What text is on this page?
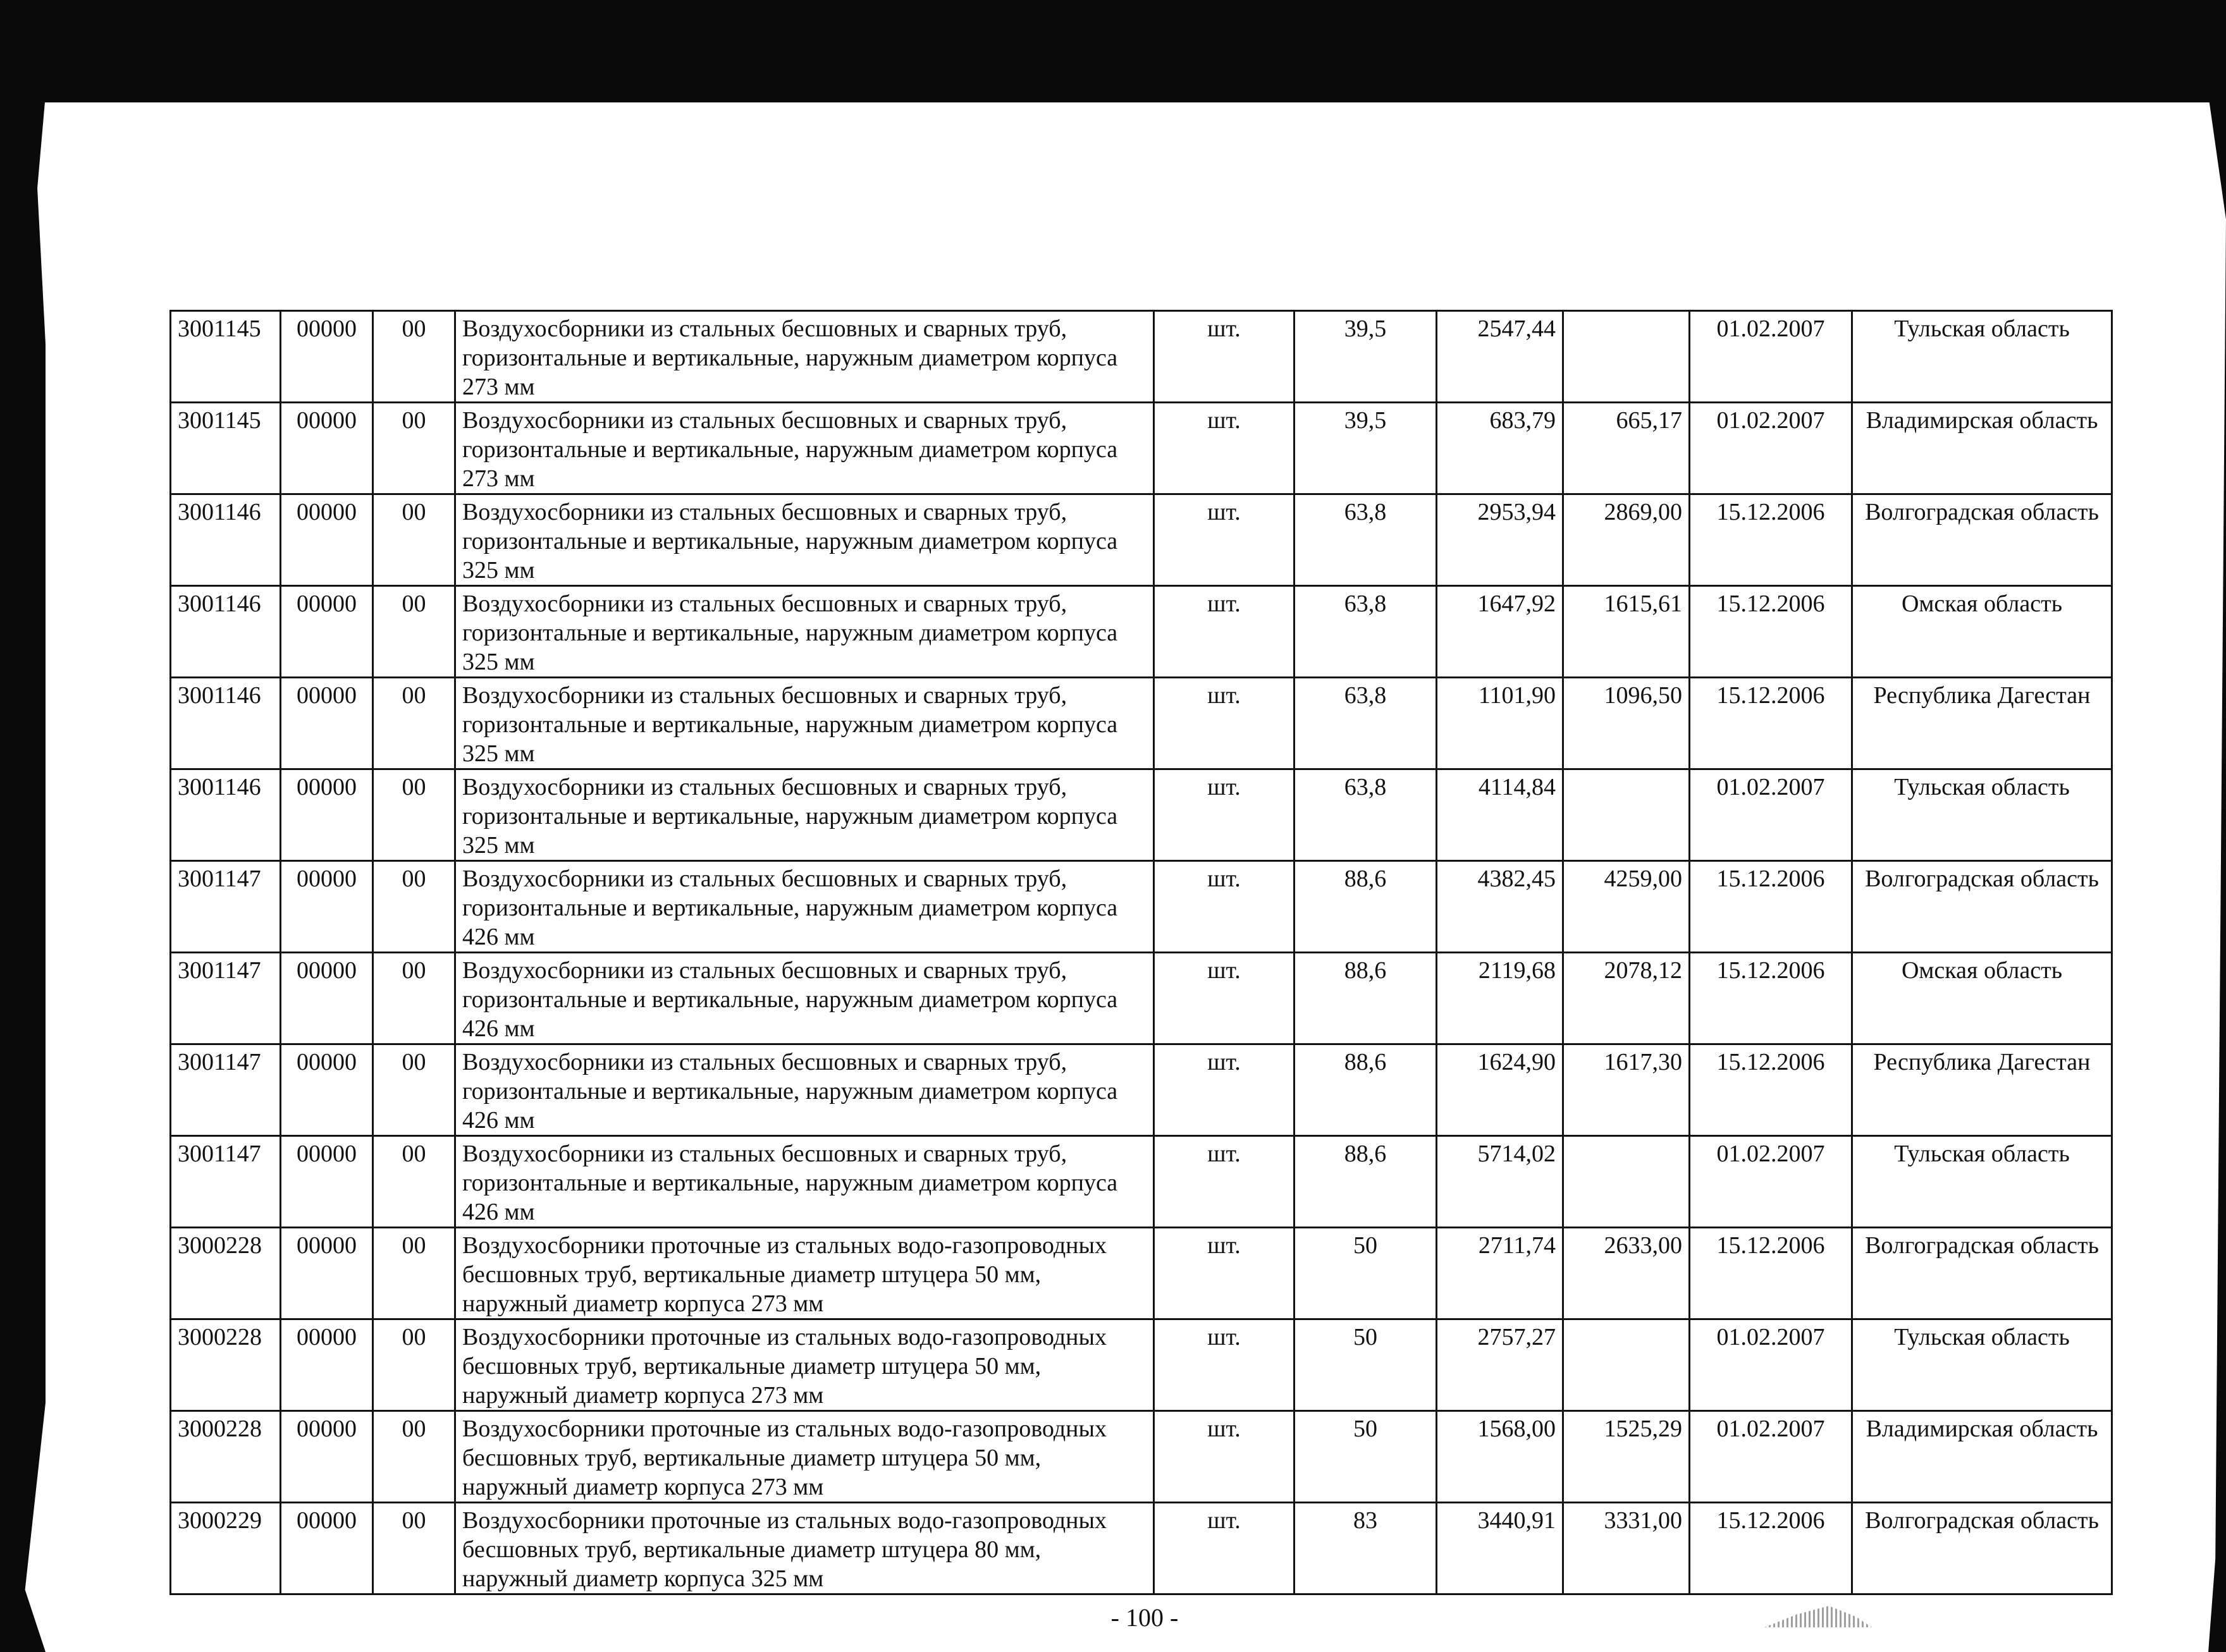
3001145	00000	00	Воздухосборники из стальных бесшовных и сварных труб, горизонтальные и вертикальные, наружным диаметром корпуса 273 мм	шт.	39,5	2547,44		01.02.2007	Тульская область
3001145	00000	00	Воздухосборники из стальных бесшовных и сварных труб, горизонтальные и вертикальные, наружным диаметром корпуса 273 мм	шт.	39,5	683,79	665,17	01.02.2007	Владимирская область
3001146	00000	00	Воздухосборники из стальных бесшовных и сварных труб, горизонтальные и вертикальные, наружным диаметром корпуса 325 мм	шт.	63,8	2953,94	2869,00	15.12.2006	Волгоградская область
3001146	00000	00	Воздухосборники из стальных бесшовных и сварных труб, горизонтальные и вертикальные, наружным диаметром корпуса 325 мм	шт.	63,8	1647,92	1615,61	15.12.2006	Омская область
3001146	00000	00	Воздухосборники из стальных бесшовных и сварных труб, горизонтальные и вертикальные, наружным диаметром корпуса 325 мм	шт.	63,8	1101,90	1096,50	15.12.2006	Республика Дагестан
3001146	00000	00	Воздухосборники из стальных бесшовных и сварных труб, горизонтальные и вертикальные, наружным диаметром корпуса 325 мм	шт.	63,8	4114,84		01.02.2007	Тульская область
3001147	00000	00	Воздухосборники из стальных бесшовных и сварных труб, горизонтальные и вертикальные, наружным диаметром корпуса 426 мм	шт.	88,6	4382,45	4259,00	15.12.2006	Волгоградская область
3001147	00000	00	Воздухосборники из стальных бесшовных и сварных труб, горизонтальные и вертикальные, наружным диаметром корпуса 426 мм	шт.	88,6	2119,68	2078,12	15.12.2006	Омская область
3001147	00000	00	Воздухосборники из стальных бесшовных и сварных труб, горизонтальные и вертикальные, наружным диаметром корпуса 426 мм	шт.	88,6	1624,90	1617,30	15.12.2006	Республика Дагестан
3001147	00000	00	Воздухосборники из стальных бесшовных и сварных труб, горизонтальные и вертикальные, наружным диаметром корпуса 426 мм	шт.	88,6	5714,02		01.02.2007	Тульская область
3000228	00000	00	Воздухосборники проточные из стальных водо-газопроводных бесшовных труб, вертикальные диаметр штуцера 50 мм, наружный диаметр корпуса 273 мм	шт.	50	2711,74	2633,00	15.12.2006	Волгоградская область
3000228	00000	00	Воздухосборники проточные из стальных водо-газопроводных бесшовных труб, вертикальные диаметр штуцера 50 мм, наружный диаметр корпуса 273 мм	шт.	50	2757,27		01.02.2007	Тульская область
3000228	00000	00	Воздухосборники проточные из стальных водо-газопроводных бесшовных труб, вертикальные диаметр штуцера 50 мм, наружный диаметр корпуса 273 мм	шт.	50	1568,00	1525,29	01.02.2007	Владимирская область
3000229	00000	00	Воздухосборники проточные из стальных водо-газопроводных бесшовных труб, вертикальные диаметр штуцера 80 мм, наружный диаметр корпуса 325 мм	шт.	83	3440,91	3331,00	15.12.2006	Волгоградская область
- 100 -
